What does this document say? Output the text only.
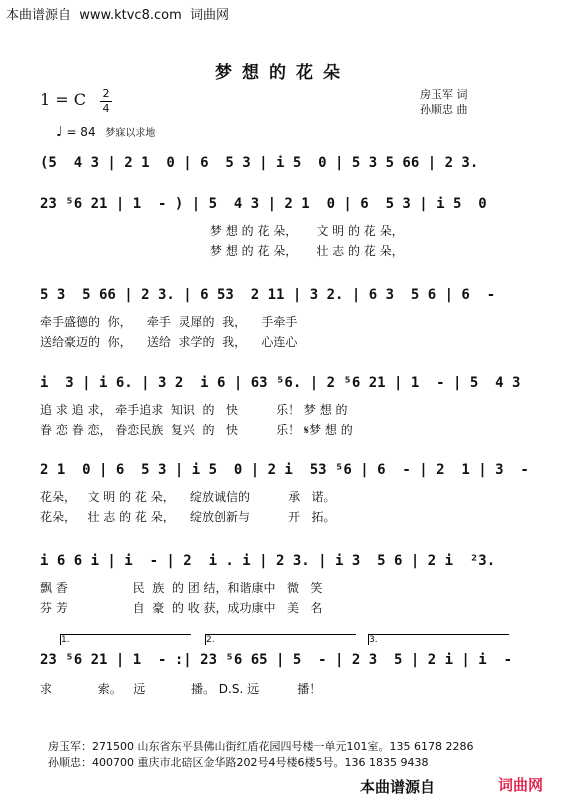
本曲谱源自 www.ktvc8.com 词曲网
梦想的花朵
1 = C 2
4
房玉军 词
孙顺忠 曲
♩ = 84 梦寐以求地
(5  4 3 | 2 1  0 | 6  5 3 | i 5  0 | 5 3 5 66 | 2 3.
23 ⁵6 21 | 1  - ) | 5  4 3 | 2 1  0 | 6  5 3 | i 5  0
梦 想 的 花 朵，     文 明 的 花 朵，
梦 想 的 花 朵，     壮 志 的 花 朵，
5 3  5 66 | 2 3. | 6 53  2 11 | 3 2. | 6 3  5 6 | 6  -
牵手盛德的  你，    牵手  灵犀的  我，    手牵手
送给豪迈的  你，    送给  求学的  我，    心连心
i  3 | i 6. | 3 2  i 6 | 63 ⁵6. | 2 ⁵6 21 | 1  - | 5  4 3
追 求 追 求， 牵手追求  知识  的   快          乐！ 梦 想 的
眷 恋 眷 恋， 眷恋民族  复兴  的   快          乐！ 𝄋梦 想 的
2 1  0 | 6  5 3 | i 5  0 | 2 i  53 ⁵6 | 6  - | 2  1 | 3  -
花朵，   文 明 的 花 朵，    绽放诚信的          承   诺。
花朵，   壮 志 的 花 朵，    绽放创新与          开   拓。
i 6 6 i | i  - | 2  i . i | 2 3. | i 3  5 6 | 2 i  ²3.
飘 香                 民  族  的 团 结，和谐康中   微   笑
芬 芳                 自  豪  的 收 获，成功康中   美   名
1.	2.	3.
23 ⁵6 21 | 1  - :| 23 ⁵6 65 | 5  - | 2 3  5 | 2 i | i  -
求            索。   远            播。 D.S. 远          播！
房玉军：271500 山东省东平县佛山街红盾花园四号楼一单元101室。135 6178 2286
孙顺忠：400700 重庆市北碚区金华路202号4号楼6楼5号。136 1835 9438
本曲谱源自	词曲网
